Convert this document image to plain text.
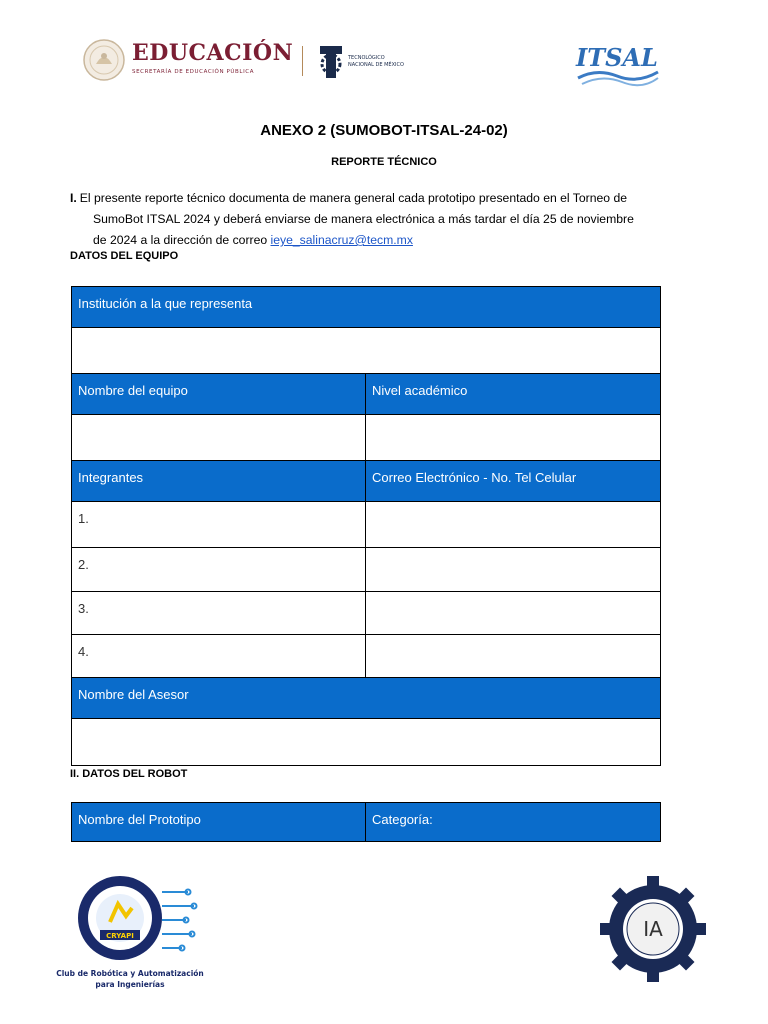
EDUCACIÓN
SECRETARÍA DE EDUCACIÓN PÚBLICA
TECNOLÓGICO
NACIONAL DE MÉXICO	ITSAL
ANEXO 2 (SUMOBOT-ITSAL-24-02)
REPORTE TÉCNICO
I. El presente reporte técnico documenta de manera general cada prototipo presentado en el Torneo de
SumoBot ITSAL 2024 y deberá enviarse de manera electrónica a más tardar el día 25 de noviembre
de 2024 a la dirección de correo ieye_salinacruz@tecm.mx
DATOS DEL EQUIPO
Institución a la que representa	

Nombre del equipo	Nivel académico

Integrantes	Correo Electrónico - No. Tel Celular
1.	
2.	
3.	
4.	
Nombre del Asesor	

II. DATOS DEL ROBOT
Nombre del Prototipo	Categoría:
CRYAPI
Club de Robótica y Automatización
para Ingenierías
IA
